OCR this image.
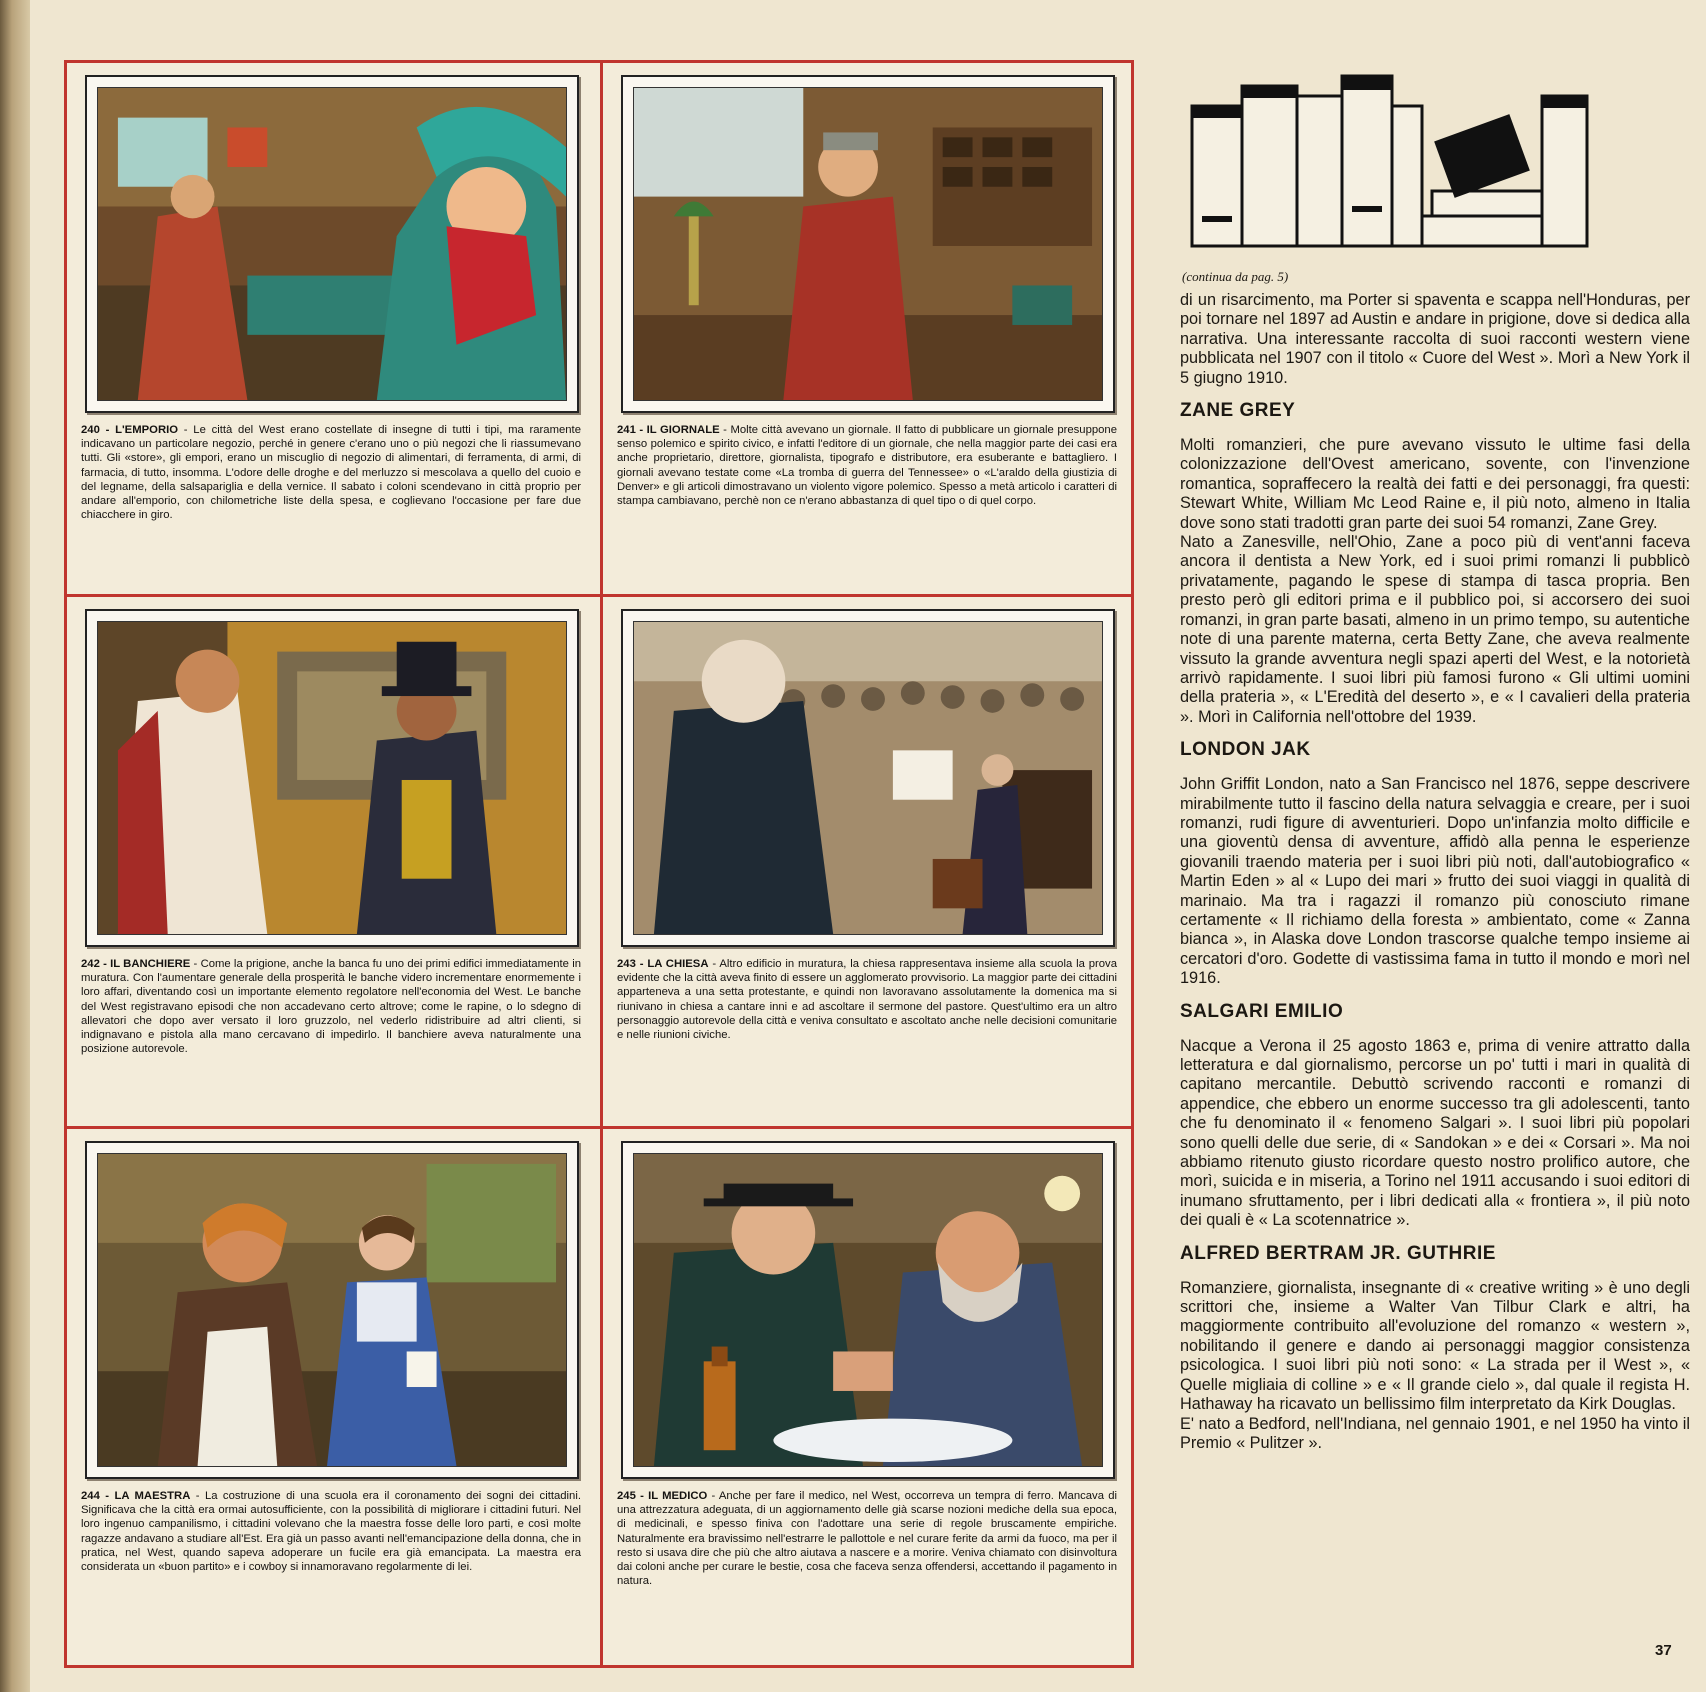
240 - L'EMPORIO - Le città del West erano costellate di insegne di tutti i tipi, ma raramente indicavano un particolare negozio, perché in genere c'erano uno o più negozi che li riassumevano tutti. Gli «store», gli empori, erano un miscuglio di negozio di alimentari, di ferramenta, di armi, di farmacia, di tutto, insomma. L'odore delle droghe e del merluzzo si mescolava a quello del cuoio e del legname, della salsapariglia e della vernice. Il sabato i coloni scendevano in città proprio per andare all'emporio, con chilometriche liste della spesa, e coglievano l'occasione per fare due chiacchere in giro.
241 - IL GIORNALE - Molte città avevano un giornale. Il fatto di pubblicare un giornale presuppone senso polemico e spirito civico, e infatti l'editore di un giornale, che nella maggior parte dei casi era anche proprietario, direttore, giornalista, tipografo e distributore, era esuberante e battagliero. I giornali avevano testate come «La tromba di guerra del Tennessee» o «L'araldo della giustizia di Denver» e gli articoli dimostravano un violento vigore polemico. Spesso a metà articolo i caratteri di stampa cambiavano, perchè non ce n'erano abbastanza di quel tipo o di quel corpo.
242 - IL BANCHIERE - Come la prigione, anche la banca fu uno dei primi edifici immediatamente in muratura. Con l'aumentare generale della prosperità le banche videro incrementare enormemente i loro affari, diventando così un importante elemento regolatore nell'economia del West. Le banche del West registravano episodi che non accadevano certo altrove; come le rapine, o lo sdegno di allevatori che dopo aver versato il loro gruzzolo, nel vederlo ridistribuire ad altri clienti, si indignavano e pistola alla mano cercavano di impedirlo. Il banchiere aveva naturalmente una posizione autorevole.
243 - LA CHIESA - Altro edificio in muratura, la chiesa rappresentava insieme alla scuola la prova evidente che la città aveva finito di essere un agglomerato provvisorio. La maggior parte dei cittadini apparteneva a una setta protestante, e quindi non lavoravano assolutamente la domenica ma si riunivano in chiesa a cantare inni e ad ascoltare il sermone del pastore. Quest'ultimo era un altro personaggio autorevole della città e veniva consultato e ascoltato anche nelle decisioni comunitarie e nelle riunioni civiche.
244 - LA MAESTRA - La costruzione di una scuola era il coronamento dei sogni dei cittadini. Significava che la città era ormai autosufficiente, con la possibilità di migliorare i cittadini futuri. Nel loro ingenuo campanilismo, i cittadini volevano che la maestra fosse delle loro parti, e così molte ragazze andavano a studiare all'Est. Era già un passo avanti nell'emancipazione della donna, che in pratica, nel West, quando sapeva adoperare un fucile era già emancipata. La maestra era considerata un «buon partito» e i cowboy si innamoravano regolarmente di lei.
245 - IL MEDICO - Anche per fare il medico, nel West, occorreva un tempra di ferro. Mancava di una attrezzatura adeguata, di un aggiornamento delle già scarse nozioni mediche della sua epoca, di medicinali, e spesso finiva con l'adottare una serie di regole bruscamente empiriche. Naturalmente era bravissimo nell'estrarre le pallottole e nel curare ferite da armi da fuoco, ma per il resto si usava dire che più che altro aiutava a nascere e a morire. Veniva chiamato con disinvoltura dai coloni anche per curare le bestie, cosa che faceva senza offendersi, accettando il pagamento in natura.
(continua da pag. 5)

di un risarcimento, ma Porter si spaventa e scappa nell'Honduras, per poi tornare nel 1897 ad Austin e andare in prigione, dove si dedica alla narrativa. Una interessante raccolta di suoi racconti western viene pubblicata nel 1907 con il titolo « Cuore del West ». Morì a New York il 5 giugno 1910.

ZANE GREY

Molti romanzieri, che pure avevano vissuto le ultime fasi della colonizzazione dell'Ovest americano, sovente, con l'invenzione romantica, sopraffecero la realtà dei fatti e dei personaggi, fra questi: Stewart White, William Mc Leod Raine e, il più noto, almeno in Italia dove sono stati tradotti gran parte dei suoi 54 romanzi, Zane Grey.

Nato a Zanesville, nell'Ohio, Zane a poco più di vent'anni faceva ancora il dentista a New York, ed i suoi primi romanzi li pubblicò privatamente, pagando le spese di stampa di tasca propria. Ben presto però gli editori prima e il pubblico poi, si accorsero dei suoi romanzi, in gran parte basati, almeno in un primo tempo, su autentiche note di una parente materna, certa Betty Zane, che aveva realmente vissuto la grande avventura negli spazi aperti del West, e la notorietà arrivò rapidamente. I suoi libri più famosi furono « Gli ultimi uomini della prateria », « L'Eredità del deserto », e « I cavalieri della prateria ». Morì in California nell'ottobre del 1939.

LONDON JAK

John Griffit London, nato a San Francisco nel 1876, seppe descrivere mirabilmente tutto il fascino della natura selvaggia e creare, per i suoi romanzi, rudi figure di avventurieri. Dopo un'infanzia molto difficile e una gioventù densa di avventure, affidò alla penna le esperienze giovanili traendo materia per i suoi libri più noti, dall'autobiografico « Martin Eden » al « Lupo dei mari » frutto dei suoi viaggi in qualità di marinaio. Ma tra i ragazzi il romanzo più conosciuto rimane certamente « Il richiamo della foresta » ambientato, come « Zanna bianca », in Alaska dove London trascorse qualche tempo insieme ai cercatori d'oro. Godette di vastissima fama in tutto il mondo e morì nel 1916.

SALGARI EMILIO

Nacque a Verona il 25 agosto 1863 e, prima di venire attratto dalla letteratura e dal giornalismo, percorse un po' tutti i mari in qualità di capitano mercantile. Debuttò scrivendo racconti e romanzi di appendice, che ebbero un enorme successo tra gli adolescenti, tanto che fu denominato il « fenomeno Salgari ». I suoi libri più popolari sono quelli delle due serie, di « Sandokan » e dei « Corsari ». Ma noi abbiamo ritenuto giusto ricordare questo nostro prolifico autore, che morì, suicida e in miseria, a Torino nel 1911 accusando i suoi editori di inumano sfruttamento, per i libri dedicati alla « frontiera », il più noto dei quali è « La scotennatrice ».

ALFRED BERTRAM JR. GUTHRIE

Romanziere, giornalista, insegnante di « creative writing » è uno degli scrittori che, insieme a Walter Van Tilbur Clark e altri, ha maggiormente contribuito all'evoluzione del romanzo « western », nobilitando il genere e dando ai personaggi maggior consistenza psicologica. I suoi libri più noti sono: « La strada per il West », « Quelle migliaia di colline » e « Il grande cielo », dal quale il regista H. Hathaway ha ricavato un bellissimo film interpretato da Kirk Douglas.

E' nato a Bedford, nell'Indiana, nel gennaio 1901, e nel 1950 ha vinto il Premio « Pulitzer ».

37
